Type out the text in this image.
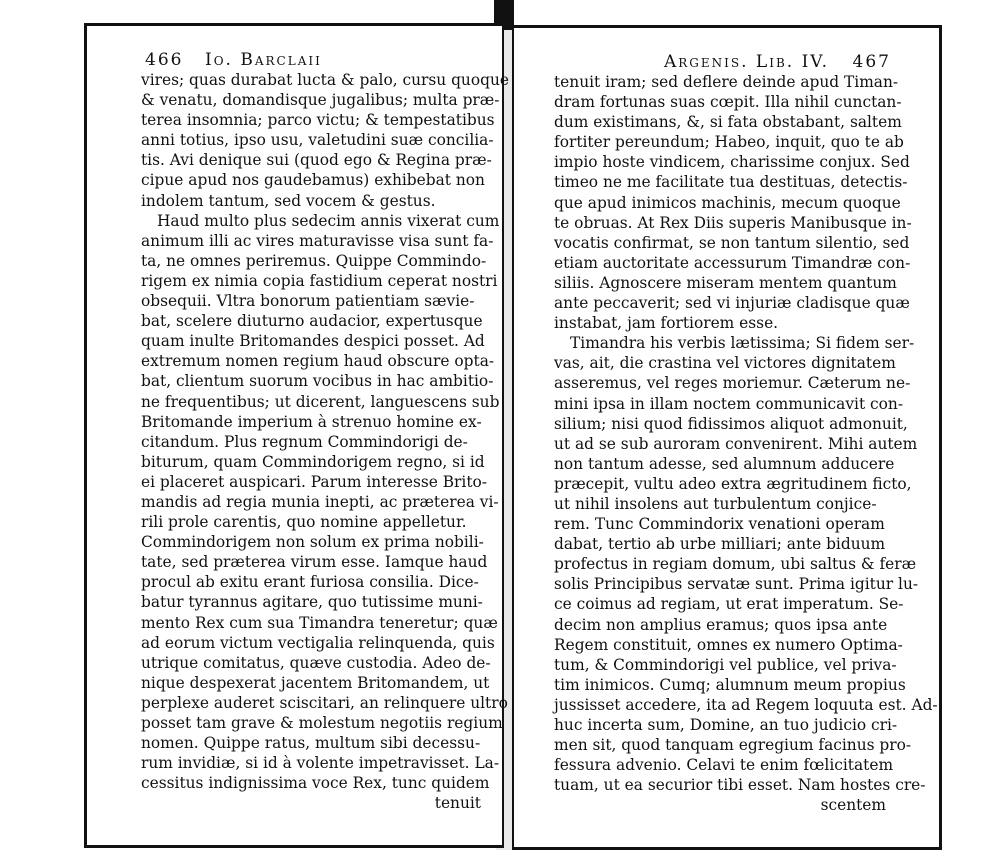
466 Io. Barclaii
vires; quas durabat lucta & palo, cursu quoque
& venatu, domandisque jugalibus; multa præ-
terea insomnia; parco victu; & tempestatibus
anni totius, ipso usu, valetudini suæ concilia-
tis. Avi denique sui (quod ego & Regina præ-
cipue apud nos gaudebamus) exhibebat non
indolem tantum, sed vocem & gestus.
Haud multo plus sedecim annis vixerat cum
animum illi ac vires maturavisse visa sunt fa-
ta, ne omnes periremus. Quippe Commindo-
rigem ex nimia copia fastidium ceperat nostri
obsequii. Vltra bonorum patientiam sævie-
bat, scelere diuturno audacior, expertusque
quam inulte Britomandes despici posset. Ad
extremum nomen regium haud obscure opta-
bat, clientum suorum vocibus in hac ambitio-
ne frequentibus; ut dicerent, languescens sub
Britomande imperium à strenuo homine ex-
citandum. Plus regnum Commindorigi de-
biturum, quam Commindorigem regno, si id
ei placeret auspicari. Parum interesse Brito-
mandis ad regia munia inepti, ac præterea vi-
rili prole carentis, quo nomine appelletur.
Commindorigem non solum ex prima nobili-
tate, sed præterea virum esse. Iamque haud
procul ab exitu erant furiosa consilia. Dice-
batur tyrannus agitare, quo tutissime muni-
mento Rex cum sua Timandra teneretur; quæ
ad eorum victum vectigalia relinquenda, quis
utrique comitatus, quæve custodia. Adeo de-
nique despexerat jacentem Britomandem, ut
perplexe auderet sciscitari, an relinquere ultro
posset tam grave & molestum negotiis regium
nomen. Quippe ratus, multum sibi decessu-
rum invidiæ, si id à volente impetravisset. La-
cessitus indignissima voce Rex, tunc quidem
tenuit
Argenis. Lib. IV. 467
tenuit iram; sed deflere deinde apud Timan-
dram fortunas suas cœpit. Illa nihil cunctan-
dum existimans, &, si fata obstabant, saltem
fortiter pereundum; Habeo, inquit, quo te ab
impio hoste vindicem, charissime conjux. Sed
timeo ne me facilitate tua destituas, detectis-
que apud inimicos machinis, mecum quoque
te obruas. At Rex Diis superis Manibusque in-
vocatis confirmat, se non tantum silentio, sed
etiam auctoritate accessurum Timandræ con-
siliis. Agnoscere miseram mentem quantum
ante peccaverit; sed vi injuriæ cladisque quæ
instabat, jam fortiorem esse.
Timandra his verbis lætissima; Si fidem ser-
vas, ait, die crastina vel victores dignitatem
asseremus, vel reges moriemur. Cæterum ne-
mini ipsa in illam noctem communicavit con-
silium; nisi quod fidissimos aliquot admonuit,
ut ad se sub auroram convenirent. Mihi autem
non tantum adesse, sed alumnum adducere
præcepit, vultu adeo extra ægritudinem ficto,
ut nihil insolens aut turbulentum conjice-
rem. Tunc Commindorix venationi operam
dabat, tertio ab urbe milliari; ante biduum
profectus in regiam domum, ubi saltus & feræ
solis Principibus servatæ sunt. Prima igitur lu-
ce coimus ad regiam, ut erat imperatum. Se-
decim non amplius eramus; quos ipsa ante
Regem constituit, omnes ex numero Optima-
tum, & Commindorigi vel publice, vel priva-
tim inimicos. Cumq; alumnum meum propius
jussisset accedere, ita ad Regem loquuta est. Ad-
huc incerta sum, Domine, an tuo judicio cri-
men sit, quod tanquam egregium facinus pro-
fessura advenio. Celavi te enim fœlicitatem
tuam, ut ea securior tibi esset. Nam hostes cre-
scentem
